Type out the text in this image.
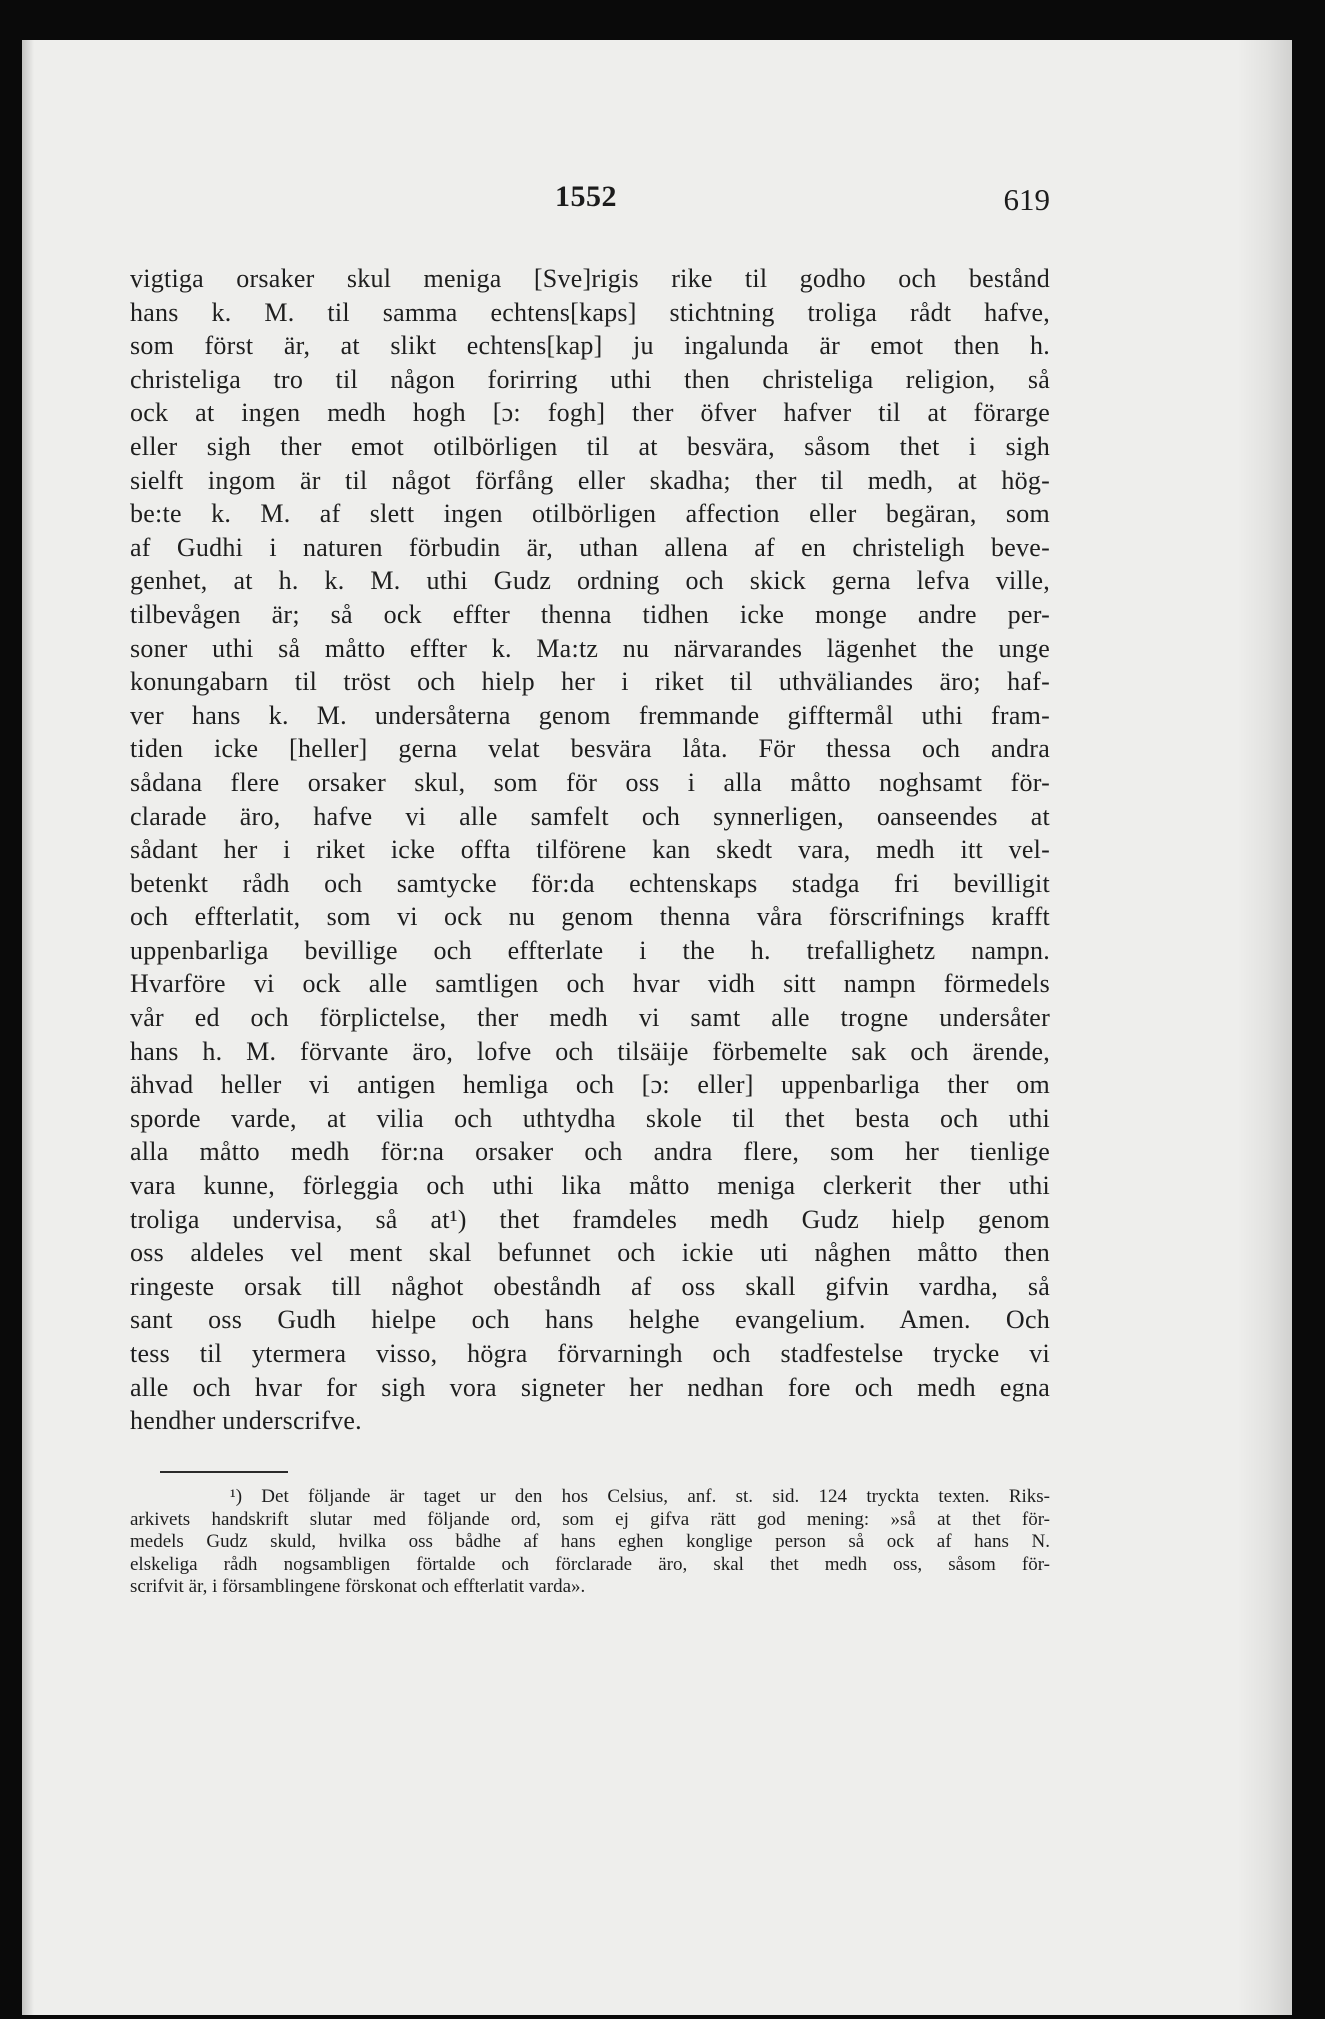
1552	619
vigtiga orsaker skul meniga [Sve]rigis rike til godho och bestånd
hans k. M. til samma echtens[kaps] stichtning troliga rådt hafve,
som först är, at slikt echtens[kap] ju ingalunda är emot then h.
christeliga tro til någon forirring uthi then christeliga religion, så
ock at ingen medh hogh [ɔ: fogh] ther öfver hafver til at förarge
eller sigh ther emot otilbörligen til at besvära, såsom thet i sigh
sielft ingom är til något förfång eller skadha; ther til medh, at hög-
be:te k. M. af slett ingen otilbörligen affection eller begäran, som
af Gudhi i naturen förbudin är, uthan allena af en christeligh beve-
genhet, at h. k. M. uthi Gudz ordning och skick gerna lefva ville,
tilbevågen är; så ock effter thenna tidhen icke monge andre per-
soner uthi så måtto effter k. Ma:tz nu närvarandes lägenhet the unge
konungabarn til tröst och hielp her i riket til uthväliandes äro; haf-
ver hans k. M. undersåterna genom fremmande gifftermål uthi fram-
tiden icke [heller] gerna velat besvära låta. För thessa och andra
sådana flere orsaker skul, som för oss i alla måtto noghsamt för-
clarade äro, hafve vi alle samfelt och synnerligen, oanseendes at
sådant her i riket icke offta tilförene kan skedt vara, medh itt vel-
betenkt rådh och samtycke för:da echtenskaps stadga fri bevilligit
och effterlatit, som vi ock nu genom thenna våra förscrifnings krafft
uppenbarliga bevillige och effterlate i the h. trefallighetz nampn.
Hvarföre vi ock alle samtligen och hvar vidh sitt nampn förmedels
vår ed och förplictelse, ther medh vi samt alle trogne undersåter
hans h. M. förvante äro, lofve och tilsäije förbemelte sak och ärende,
ähvad heller vi antigen hemliga och [ɔ: eller] uppenbarliga ther om
sporde varde, at vilia och uthtydha skole til thet besta och uthi
alla måtto medh för:na orsaker och andra flere, som her tienlige
vara kunne, förleggia och uthi lika måtto meniga clerkerit ther uthi
troliga undervisa, så at¹) thet framdeles medh Gudz hielp genom
oss aldeles vel ment skal befunnet och ickie uti någhen måtto then
ringeste orsak till någhot obeståndh af oss skall gifvin vardha, så
sant oss Gudh hielpe och hans helghe evangelium. Amen. Och
tess til ytermera visso, högra förvarningh och stadfestelse trycke vi
alle och hvar for sigh vora signeter her nedhan fore och medh egna
hendher underscrifve.
¹) Det följande är taget ur den hos Celsius, anf. st. sid. 124 tryckta texten. Riks-
arkivets handskrift slutar med följande ord, som ej gifva rätt god mening: »så at thet för-
medels Gudz skuld, hvilka oss bådhe af hans eghen konglige person så ock af hans N.
elskeliga rådh nogsambligen förtalde och förclarade äro, skal thet medh oss, såsom för-
scrifvit är, i församblingene förskonat och effterlatit varda».
